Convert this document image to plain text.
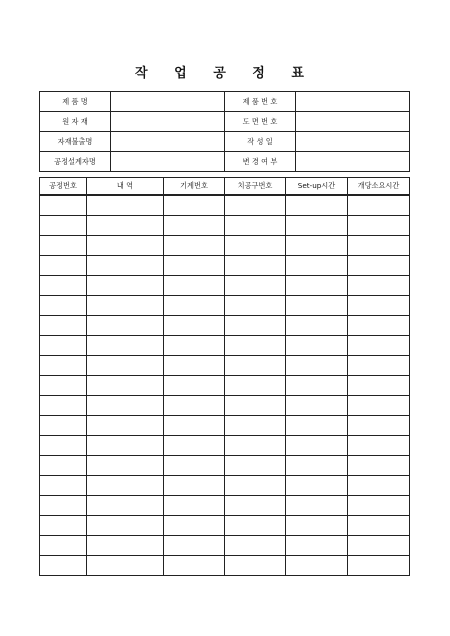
작 업 공 정 표
제 품 명		제 품 번 호	
원 자 재		도 면 번 호	
자재불출명		작 성 일	
공정설계자명		변 경 여 부	
공정번호	내 역	기계번호	치공구번호	Set-up시간	개당소요시간
